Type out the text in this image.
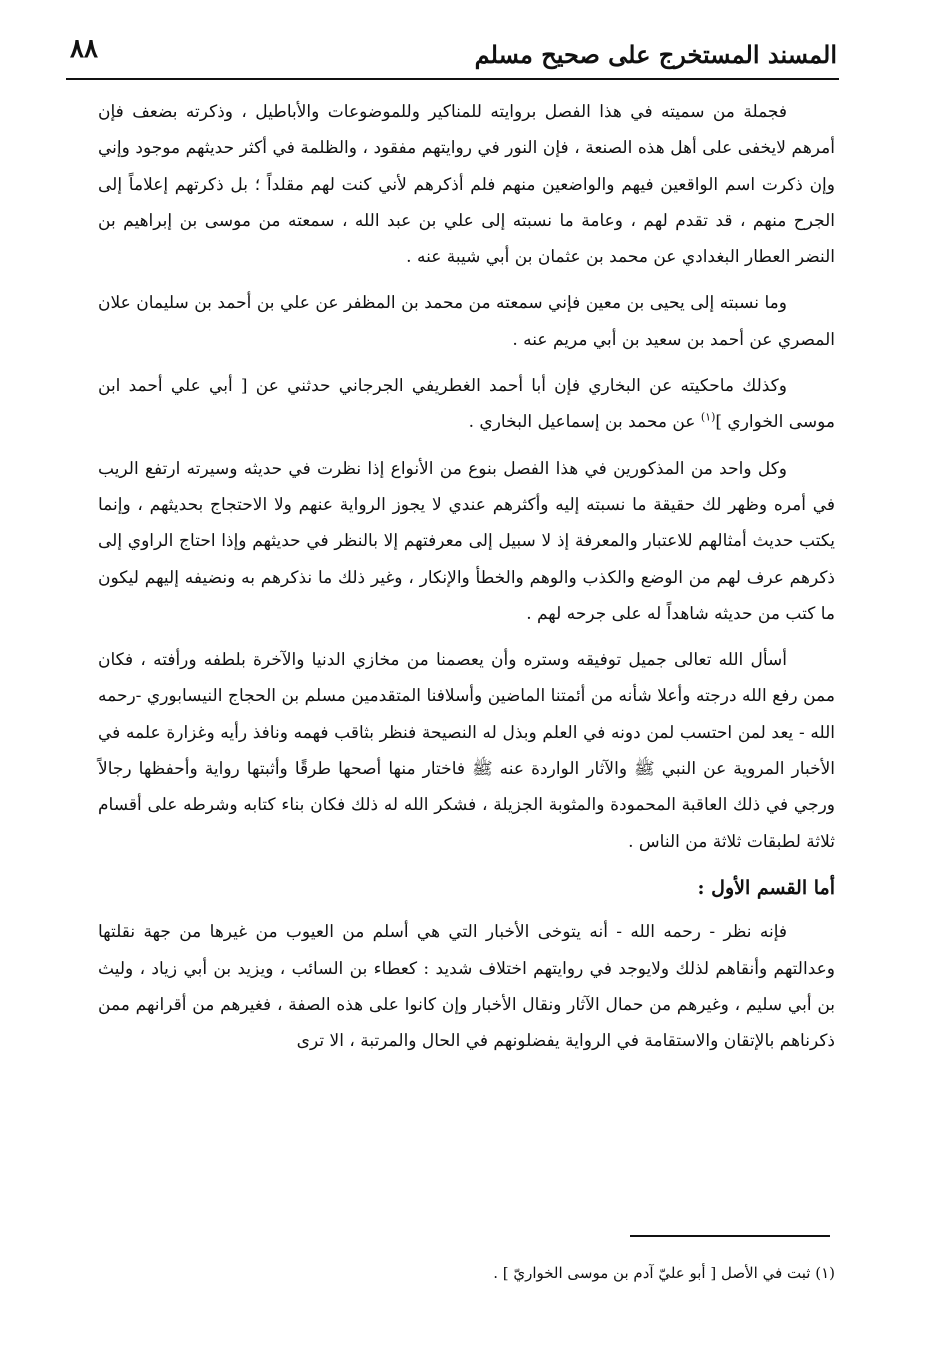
المسند المستخرج على صحيح مسلم
٨٨

فجملة من سميته في هذا الفصل بروايته للمناكير وللموضوعات والأباطيل ، وذكرته بضعف فإن أمرهم لايخفى على أهل هذه الصنعة ، فإن النور في روايتهم مفقود ، والظلمة في أكثر حديثهم موجود وإني وإن ذكرت اسم الواقعين فيهم والواضعين منهم فلم أذكرهم لأني كنت لهم مقلداً ؛ بل ذكرتهم إعلاماً إلى الجرح منهم ، قد تقدم لهم ، وعامة ما نسبته إلى علي بن عبد الله ، سمعته من موسى بن إبراهيم بن النضر العطار البغدادي عن محمد بن عثمان بن أبي شيبة عنه .

وما نسبته إلى يحيى بن معين فإني سمعته من محمد بن المظفر عن علي بن أحمد بن سليمان علان المصري عن أحمد بن سعيد بن أبي مريم عنه .

وكذلك ماحكيته عن البخاري فإن أبا أحمد الغطريفي الجرجاني حدثني عن [ أبي علي أحمد ابن موسى الخواري ]$^{(١)}$ عن محمد بن إسماعيل البخاري .

وكل واحد من المذكورين في هذا الفصل بنوع من الأنواع إذا نظرت في حديثه وسيرته ارتفع الريب في أمره وظهر لك حقيقة ما نسبته إليه وأكثرهم عندي لا يجوز الرواية عنهم ولا الاحتجاج بحديثهم ، وإنما يكتب حديث أمثالهم للاعتبار والمعرفة إذ لا سبيل إلى معرفتهم إلا بالنظر في حديثهم وإذا احتاج الراوي إلى ذكرهم عرف لهم من الوضع والكذب والوهم والخطأ والإنكار ، وغير ذلك ما نذكرهم به ونضيفه إليهم ليكون ما كتب من حديثه شاهداً له على جرحه لهم .

أسأل الله تعالى جميل توفيقه وستره وأن يعصمنا من مخازي الدنيا والآخرة بلطفه ورأفته ، فكان ممن رفع الله درجته وأعلا شأنه من أئمتنا الماضين وأسلافنا المتقدمين مسلم بن الحجاج النيسابوري -رحمه الله - يعد لمن احتسب لمن دونه في العلم وبذل له النصيحة فنظر بثاقب فهمه ونافذ رأيه وغزارة علمه في الأخبار المروية عن النبي ﷺ والآثار الواردة عنه ﷺ فاختار منها أصحها طرقًا وأثبتها رواية وأحفظها رجالاً ورجي في ذلك العاقبة المحمودة والمثوبة الجزيلة ، فشكر الله له ذلك فكان بناء كتابه وشرطه على أقسام ثلاثة لطبقات ثلاثة من الناس .

أما القسم الأول :

فإنه نظر - رحمه الله - أنه يتوخى الأخبار التي هي أسلم من العيوب من غيرها من جهة نقلتها وعدالتهم وأنقاهم لذلك ولايوجد في روايتهم اختلاف شديد : كعطاء بن السائب ، ويزيد بن أبي زياد ، وليث بن أبي سليم ، وغيرهم من حمال الآثار ونقال الأخبار وإن كانوا على هذه الصفة ، فغيرهم من أقرانهم ممن ذكرناهم بالإتقان والاستقامة في الرواية يفضلونهم في الحال والمرتبة ، الا ترى

(١) ثبت في الأصل [ أبو عليّ آدم بن موسى الخواريّ ] .
